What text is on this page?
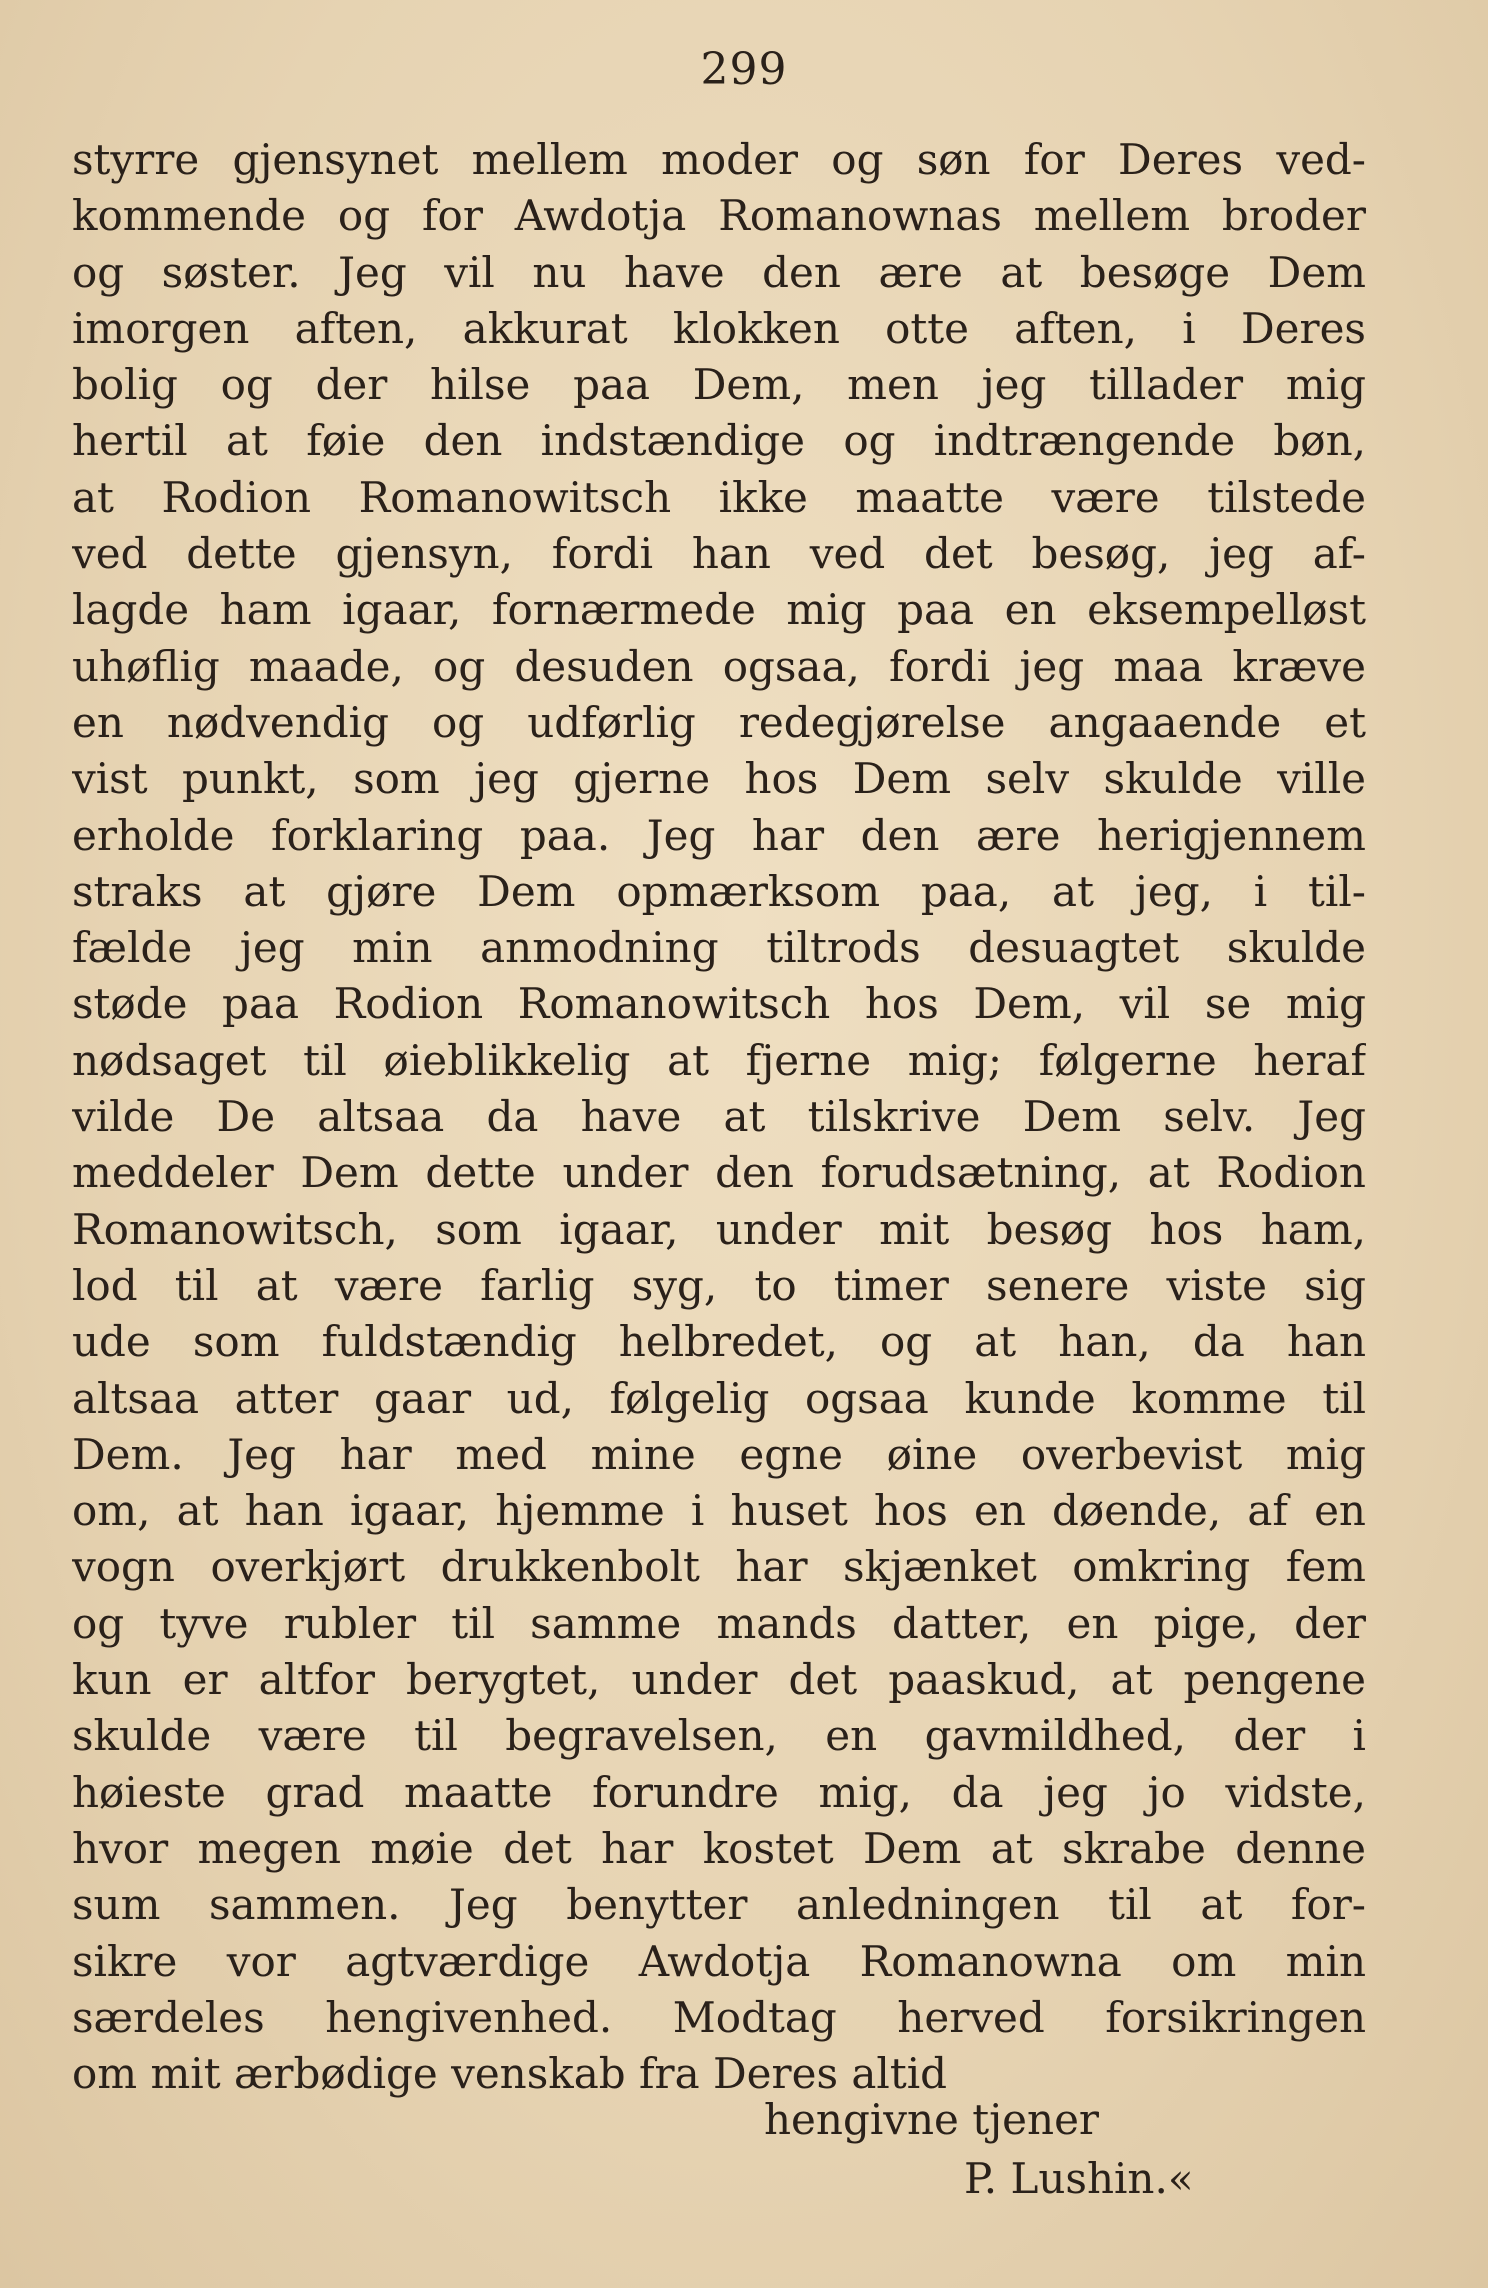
299
styrre gjensynet mellem moder og søn for Deres ved-
kommende og for Awdotja Romanownas mellem broder
og søster. Jeg vil nu have den ære at besøge Dem
imorgen aften, akkurat klokken otte aften, i Deres
bolig og der hilse paa Dem, men jeg tillader mig
hertil at føie den indstændige og indtrængende bøn,
at Rodion Romanowitsch ikke maatte være tilstede
ved dette gjensyn, fordi han ved det besøg, jeg af-
lagde ham igaar, fornærmede mig paa en eksempelløst
uhøflig maade, og desuden ogsaa, fordi jeg maa kræve
en nødvendig og udførlig redegjørelse angaaende et
vist punkt, som jeg gjerne hos Dem selv skulde ville
erholde forklaring paa. Jeg har den ære herigjennem
straks at gjøre Dem opmærksom paa, at jeg, i til-
fælde jeg min anmodning tiltrods desuagtet skulde
støde paa Rodion Romanowitsch hos Dem, vil se mig
nødsaget til øieblikkelig at fjerne mig; følgerne heraf
vilde De altsaa da have at tilskrive Dem selv. Jeg
meddeler Dem dette under den forudsætning, at Rodion
Romanowitsch, som igaar, under mit besøg hos ham,
lod til at være farlig syg, to timer senere viste sig
ude som fuldstændig helbredet, og at han, da han
altsaa atter gaar ud, følgelig ogsaa kunde komme til
Dem. Jeg har med mine egne øine overbevist mig
om, at han igaar, hjemme i huset hos en døende, af en
vogn overkjørt drukkenbolt har skjænket omkring fem
og tyve rubler til samme mands datter, en pige, der
kun er altfor berygtet, under det paaskud, at pengene
skulde være til begravelsen, en gavmildhed, der i
høieste grad maatte forundre mig, da jeg jo vidste,
hvor megen møie det har kostet Dem at skrabe denne
sum sammen. Jeg benytter anledningen til at for-
sikre vor agtværdige Awdotja Romanowna om min
særdeles hengivenhed. Modtag herved forsikringen
om mit ærbødige venskab fra Deres altid
hengivne tjener
P. Lushin.«
